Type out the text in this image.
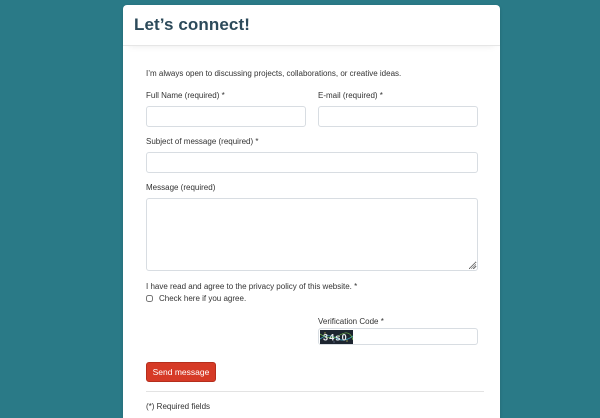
Let’s connect!
I’m always open to discussing projects, collaborations, or creative ideas.
Full Name (required) *	E-mail (required) *
Subject of message (required) *
Message (required)
I have read and agree to the privacy policy of this website. *
Check here if you agree.
Verification Code *
34s0
Send message
(*) Required fields
